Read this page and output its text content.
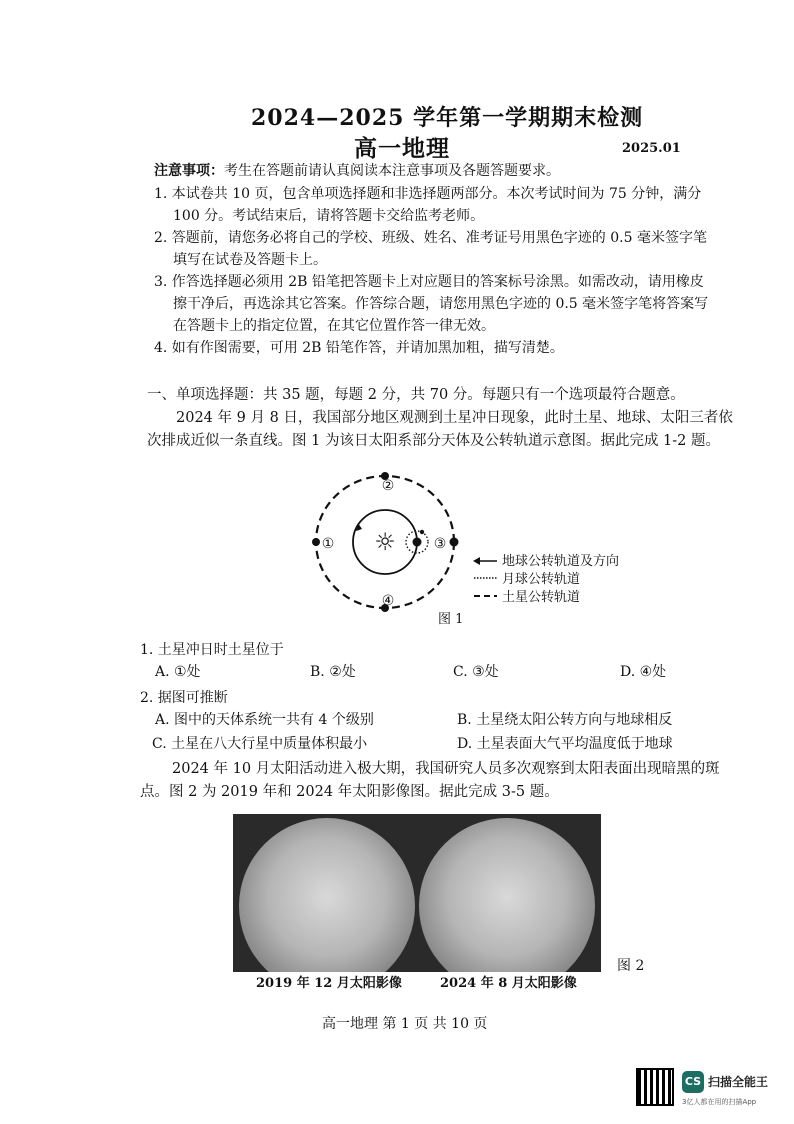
2024—2025 学年第一学期期末检测
高一地理	2025.01
注意事项：考生在答题前请认真阅读本注意事项及各题答题要求。
1. 本试卷共 10 页，包含单项选择题和非选择题两部分。本次考试时间为 75 分钟，满分
100 分。考试结束后，请将答题卡交给监考老师。
2. 答题前，请您务必将自己的学校、班级、姓名、准考证号用黑色字迹的 0.5 毫米签字笔
填写在试卷及答题卡上。
3. 作答选择题必须用 2B 铅笔把答题卡上对应题目的答案标号涂黑。如需改动，请用橡皮
擦干净后，再选涂其它答案。作答综合题，请您用黑色字迹的 0.5 毫米签字笔将答案写
在答题卡上的指定位置，在其它位置作答一律无效。
4. 如有作图需要，可用 2B 铅笔作答，并请加黑加粗，描写清楚。
一、单项选择题：共 35 题，每题 2 分，共 70 分。每题只有一个选项最符合题意。
2024 年 9 月 8 日，我国部分地区观测到土星冲日现象，此时土星、地球、太阳三者依
次排成近似一条直线。图 1 为该日太阳系部分天体及公转轨道示意图。据此完成 1-2 题。
☼
①
②
③
④
地球公转轨道及方向
月球公转轨道
土星公转轨道
图 1
1. 土星冲日时土星位于
A. ①处	B. ②处	C. ③处	D. ④处
2. 据图可推断
A. 图中的天体系统一共有 4 个级别	B. 土星绕太阳公转方向与地球相反
C. 土星在八大行星中质量体积最小	D. 土星表面大气平均温度低于地球
2024 年 10 月太阳活动进入极大期，我国研究人员多次观察到太阳表面出现暗黑的斑
点。图 2 为 2019 年和 2024 年太阳影像图。据此完成 3-5 题。
2019 年 12 月太阳影像	2024 年 8 月太阳影像
图 2
高一地理 第 1 页 共 10 页
CS 扫描全能王
3亿人都在用的扫描App
